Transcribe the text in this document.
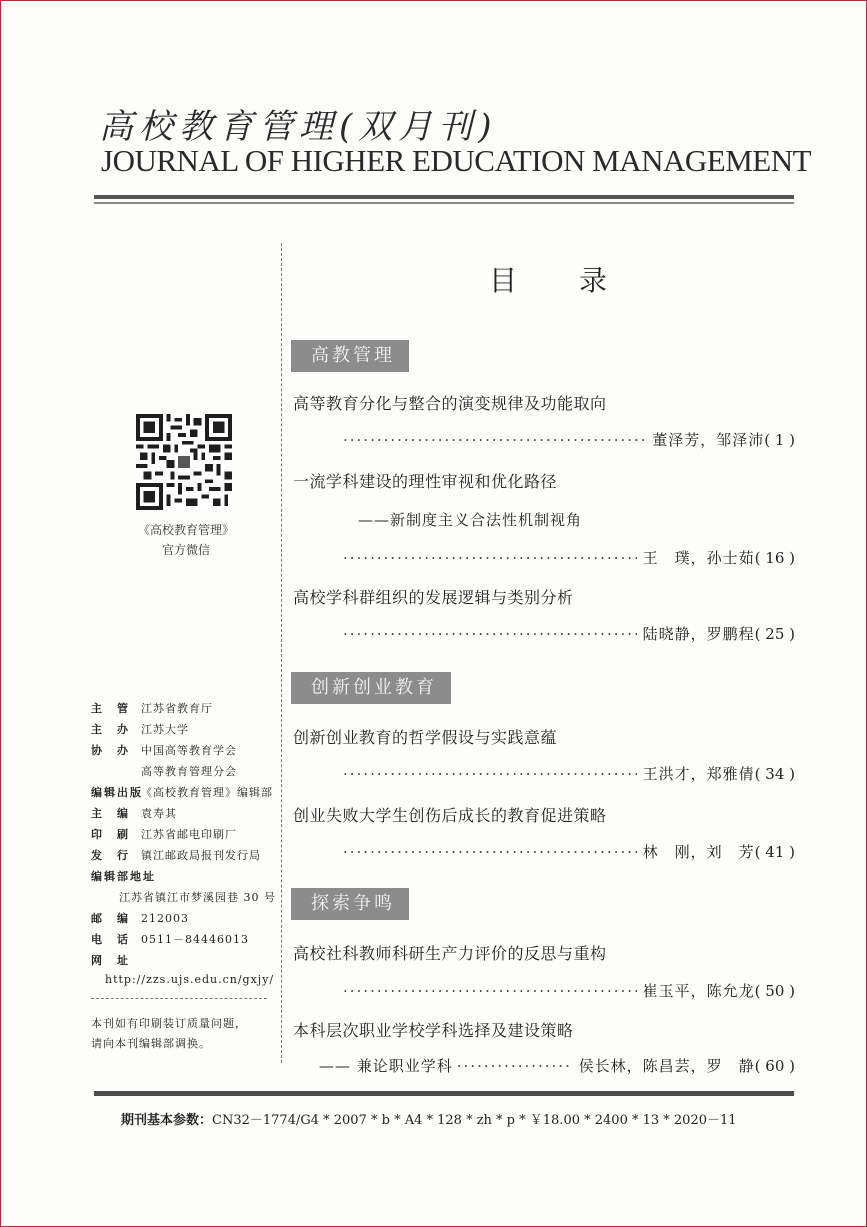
高校教育管理(双月刊)
JOURNAL OF HIGHER EDUCATION MANAGEMENT
目录
高教管理
高等教育分化与整合的演变规律及功能取向
·····
董泽芳，邹泽沛 ( 1 )
一流学科建设的理性审视和优化路径
——新制度主义合法性机制视角
·····
王　璞，孙士茹 ( 16 )
高校学科群组织的发展逻辑与类别分析
·····
陆晓静，罗鹏程 ( 25 )
创新创业教育
创新创业教育的哲学假设与实践意蕴
·····
王洪才，郑雅倩 ( 34 )
创业失败大学生创伤后成长的教育促进策略
·····
林　刚，刘　芳 ( 41 )
探索争鸣
高校社科教师科研生产力评价的反思与重构
·····
崔玉平，陈允龙 ( 50 )
本科层次职业学校学科选择及建设策略
—— 兼论职业学科
·····	侯长林，陈昌芸，罗　静 ( 60 )
《高校教育管理》
官方微信
主　管 江苏省教育厅
主　办 江苏大学
协　办 中国高等教育学会
高等教育管理分会
编辑出版《高校教育管理》编辑部
主　编 袁寿其
印　刷 江苏省邮电印刷厂
发　行 镇江邮政局报刊发行局
编辑部地址
江苏省镇江市梦溪园巷 30 号
邮　编 212003
电　话 0511－84446013
网　址
http://zzs.ujs.edu.cn/gxjy/
本刊如有印刷装订质量问题，
请向本刊编辑部调换。
期刊基本参数：CN32－1774/G4 * 2007 * b * A4 * 128 * zh * p * ￥18.00 * 2400 * 13 * 2020－11
